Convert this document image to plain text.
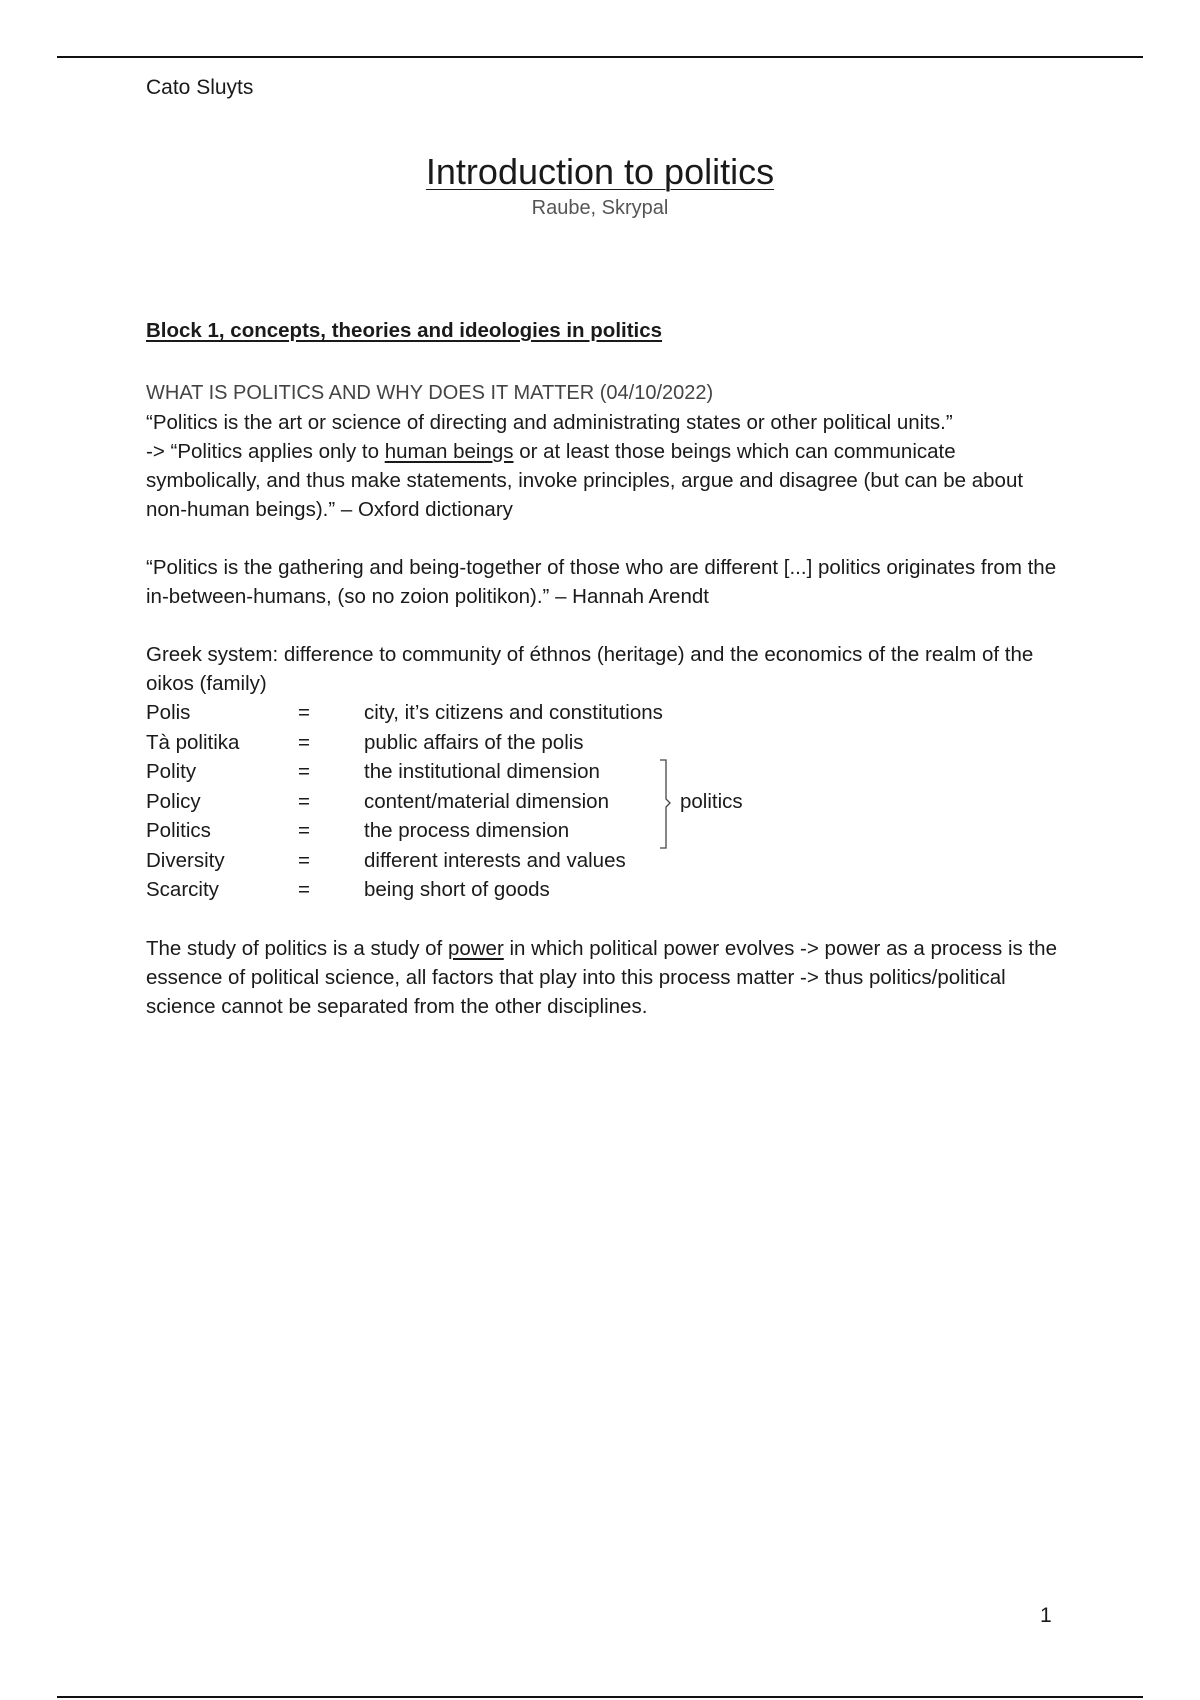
Cato Sluyts
Introduction to politics
Raube, Skrypal

Block 1, concepts, theories and ideologies in politics

WHAT IS POLITICS AND WHY DOES IT MATTER (04/10/2022)

“Politics is the art or science of directing and administrating states or other political units.”
-> “Politics applies only to human beings or at least those beings which can communicate symbolically, and thus make statements, invoke principles, argue and disagree (but can be about non-human beings).” – Oxford dictionary

“Politics is the gathering and being-together of those who are different [...] politics originates from the in-between-humans, (so no zoion politikon).” – Hannah Arendt

Greek system: difference to community of éthnos (heritage) and the economics of the realm of the oikos (family)

Polis	=	city, it’s citizens and constitutions
Tà politika	=	public affairs of the polis
Polity	=	the institutional dimension
Policy	=	content/material dimension
Politics	=	the process dimension
Diversity	=	different interests and values
Scarcity	=	being short of goods
politics

The study of politics is a study of power in which political power evolves -> power as a process is the essence of political science, all factors that play into this process matter -> thus politics/political science cannot be separated from the other disciplines.

1
